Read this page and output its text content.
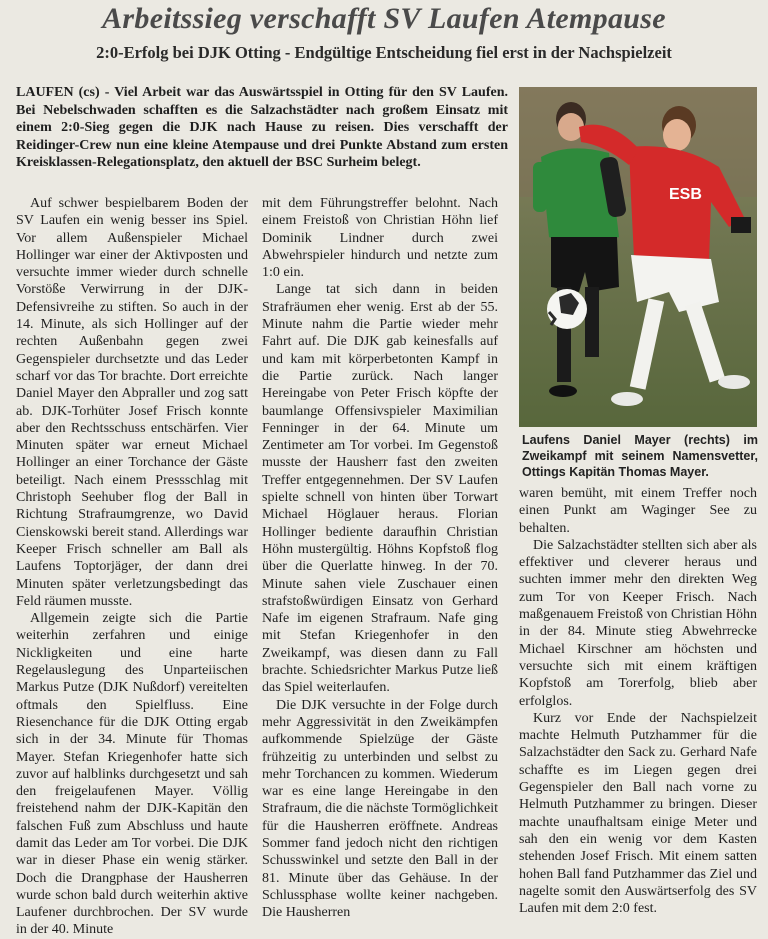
Arbeitssieg verschafft SV Laufen Atempause
2:0-Erfolg bei DJK Otting - Endgültige Entscheidung fiel erst in der Nachspielzeit
LAUFEN (cs) - Viel Arbeit war das Auswärtsspiel in Otting für den SV Laufen. Bei Nebelschwaden schafften es die Salzachstädter nach großem Einsatz mit einem 2:0-Sieg gegen die DJK nach Hause zu reisen. Dies verschafft der Reidinger-Crew nun eine kleine Atempause und drei Punkte Abstand zum ersten Kreisklassen-Relegationsplatz, den aktuell der BSC Surheim belegt.

Auf schwer bespielbarem Boden der SV Laufen ein wenig besser ins Spiel. Vor allem Außenspieler Michael Hollinger war einer der Aktivposten und versuchte immer wieder durch schnelle Vorstöße Verwirrung in der DJK-Defensivreihe zu stiften. So auch in der 14. Minute, als sich Hollinger auf der rechten Außenbahn gegen zwei Gegenspieler durchsetzte und das Leder scharf vor das Tor brachte. Dort erreichte Daniel Mayer den Abpraller und zog satt ab. DJK-Torhüter Josef Frisch konnte aber den Rechtsschuss entschärfen. Vier Minuten später war erneut Michael Hollinger an einer Torchance der Gäste beteiligt. Nach einem Pressschlag mit Christoph Seehuber flog der Ball in Richtung Strafraumgrenze, wo David Cienskowski bereit stand. Allerdings war Keeper Frisch schneller am Ball als Laufens Toptorjäger, der dann drei Minuten später verletzungsbedingt das Feld räumen musste.

Allgemein zeigte sich die Partie weiterhin zerfahren und einige Nickligkeiten und eine harte Regelauslegung des Unparteiischen Markus Putze (DJK Nußdorf) vereitelten oftmals den Spielfluss. Eine Riesenchance für die DJK Otting ergab sich in der 34. Minute für Thomas Mayer. Stefan Kriegenhofer hatte sich zuvor auf halblinks durchgesetzt und sah den freigelaufenen Mayer. Völlig freistehend nahm der DJK-Kapitän den falschen Fuß zum Abschluss und haute damit das Leder am Tor vorbei. Die DJK war in dieser Phase ein wenig stärker. Doch die Drangphase der Hausherren wurde schon bald durch weiterhin aktive Laufener durchbrochen. Der SV wurde in der 40. Minute

mit dem Führungstreffer belohnt. Nach einem Freistoß von Christian Höhn lief Dominik Lindner durch zwei Abwehrspieler hindurch und netzte zum 1:0 ein.

Lange tat sich dann in beiden Strafräumen eher wenig. Erst ab der 55. Minute nahm die Partie wieder mehr Fahrt auf. Die DJK gab keinesfalls auf und kam mit körperbetonten Kampf in die Partie zurück. Nach langer Hereingabe von Peter Frisch köpfte der baumlange Offensivspieler Maximilian Fenninger in der 64. Minute um Zentimeter am Tor vorbei. Im Gegenstoß musste der Hausherr fast den zweiten Treffer entgegennehmen. Der SV Laufen spielte schnell von hinten über Torwart Michael Höglauer heraus. Florian Hollinger bediente daraufhin Christian Höhn mustergültig. Höhns Kopfstoß flog über die Querlatte hinweg. In der 70. Minute sahen viele Zuschauer einen strafstoßwürdigen Einsatz von Gerhard Nafe im eigenen Strafraum. Nafe ging mit Stefan Kriegenhofer in den Zweikampf, was diesen dann zu Fall brachte. Schiedsrichter Markus Putze ließ das Spiel weiterlaufen.

Die DJK versuchte in der Folge durch mehr Aggressivität in den Zweikämpfen aufkommende Spielzüge der Gäste frühzeitig zu unterbinden und selbst zu mehr Torchancen zu kommen. Wiederum war es eine lange Hereingabe in den Strafraum, die die nächste Tormöglichkeit für die Hausherren eröffnete. Andreas Sommer fand jedoch nicht den richtigen Schusswinkel und setzte den Ball in der 81. Minute über das Gehäuse. In der Schlussphase wollte keiner nachgeben. Die Hausherren

ESB
Laufens Daniel Mayer (rechts) im Zweikampf mit seinem Namensvetter, Ottings Kapitän Thomas Mayer.

waren bemüht, mit einem Treffer noch einen Punkt am Waginger See zu behalten.

Die Salzachstädter stellten sich aber als effektiver und cleverer heraus und suchten immer mehr den direkten Weg zum Tor von Keeper Frisch. Nach maßgenauem Freistoß von Christian Höhn in der 84. Minute stieg Abwehrrecke Michael Kirschner am höchsten und versuchte sich mit einem kräftigen Kopfstoß am Torerfolg, blieb aber erfolglos.

Kurz vor Ende der Nachspielzeit machte Helmuth Putzhammer für die Salzachstädter den Sack zu. Gerhard Nafe schaffte es im Liegen gegen drei Gegenspieler den Ball nach vorne zu Helmuth Putzhammer zu bringen. Dieser machte unaufhaltsam einige Meter und sah den ein wenig vor dem Kasten stehenden Josef Frisch. Mit einem satten hohen Ball fand Putzhammer das Ziel und nagelte somit den Auswärtserfolg des SV Laufen mit dem 2:0 fest.
